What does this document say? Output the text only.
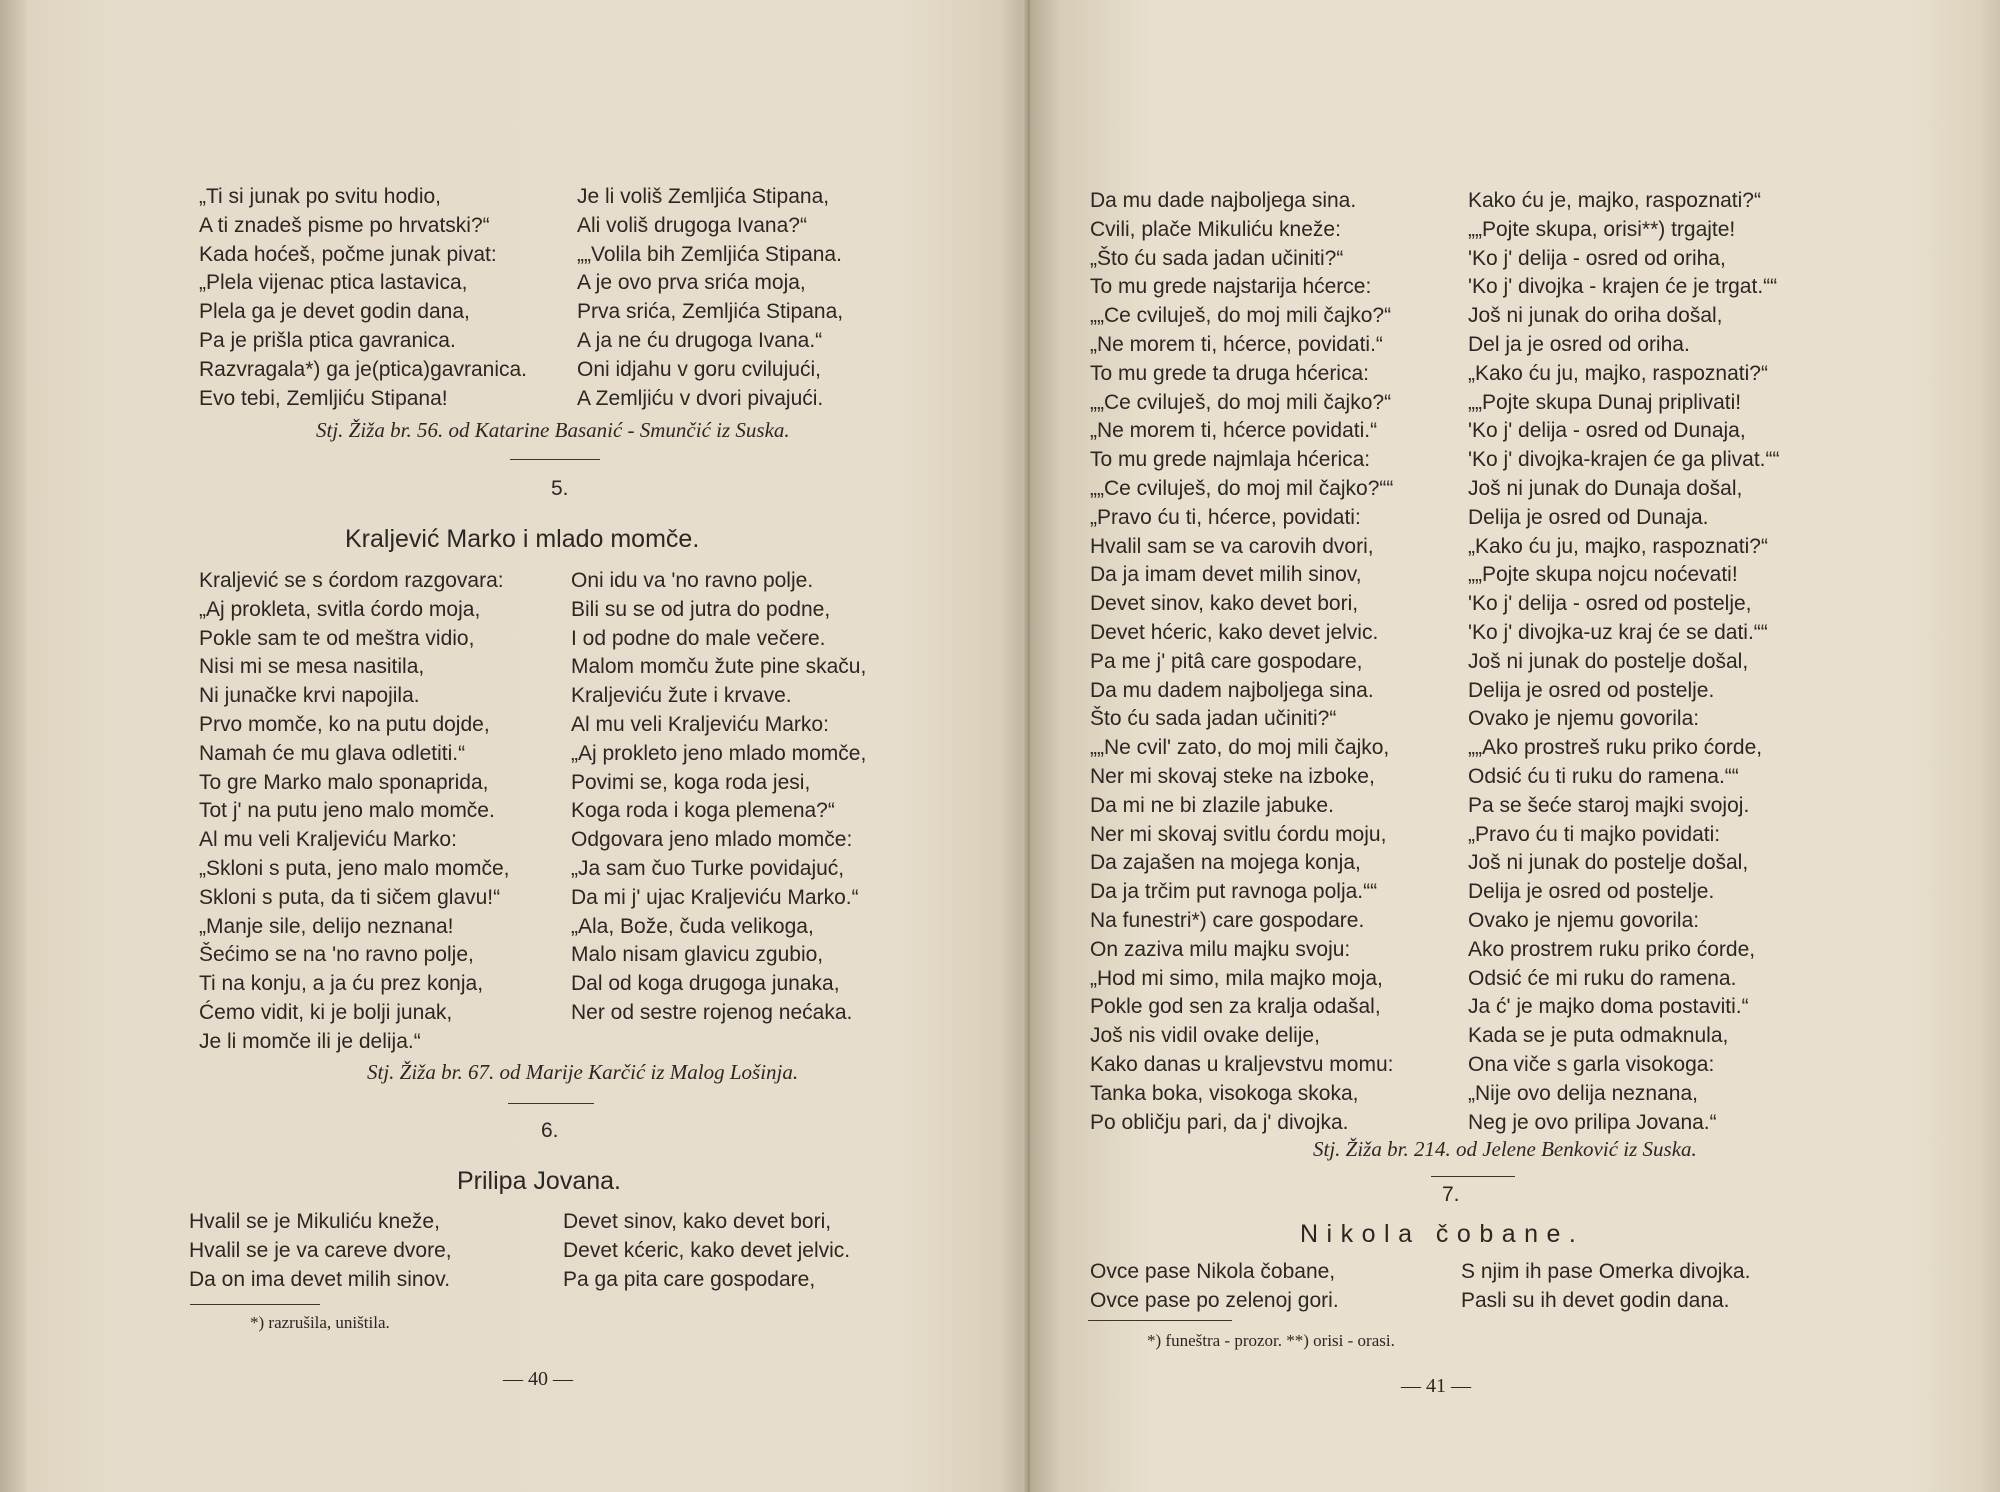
„Ti si junak po svitu hodio,
A ti znadeš pisme po hrvatski?“
Kada hoćeš, počme junak pivat:
„Plela vijenac ptica lastavica,
Plela ga je devet godin dana,
Pa je prišla ptica gavranica.
Razvragala*) ga je(ptica)gavranica.
Evo tebi, Zemljiću Stipana!
Je li voliš Zemljića Stipana,
Ali voliš drugoga Ivana?“
„„Volila bih Zemljića Stipana.
A je ovo prva srića moja,
Prva srića, Zemljića Stipana,
A ja ne ću drugoga Ivana.“
Oni idjahu v goru cvilujući,
A Zemljiću v dvori pivajući.
Stj. Žiža br. 56. od Katarine Basanić - Smunčić iz Suska.
5.
Kraljević Marko i mlado momče.
Kraljević se s ćordom razgovara:
„Aj prokleta, svitla ćordo moja,
Pokle sam te od meštra vidio,
Nisi mi se mesa nasitila,
Ni junačke krvi napojila.
Prvo momče, ko na putu dojde,
Namah će mu glava odletiti.“
To gre Marko malo sponaprida,
Tot j' na putu jeno malo momče.
Al mu veli Kraljeviću Marko:
„Skloni s puta, jeno malo momče,
Skloni s puta, da ti sičem glavu!“
„Manje sile, delijo neznana!
Šećimo se na 'no ravno polje,
Ti na konju, a ja ću prez konja,
Ćemo vidit, ki je bolji junak,
Je li momče ili je delija.“
Oni idu va 'no ravno polje.
Bili su se od jutra do podne,
I od podne do male večere.
Malom momču žute pine skaču,
Kraljeviću žute i krvave.
Al mu veli Kraljeviću Marko:
„Aj prokleto jeno mlado momče,
Povimi se, koga roda jesi,
Koga roda i koga plemena?“
Odgovara jeno mlado momče:
„Ja sam čuo Turke povidajuć,
Da mi j' ujac Kraljeviću Marko.“
„Ala, Bože, čuda velikoga,
Malo nisam glavicu zgubio,
Dal od koga drugoga junaka,
Ner od sestre rojenog nećaka.
Stj. Žiža br. 67. od Marije Karčić iz Malog Lošinja.
6.
Prilipa Jovana.
Hvalil se je Mikuliću kneže,
Hvalil se je va careve dvore,
Da on ima devet milih sinov.
Devet sinov, kako devet bori,
Devet kćeric, kako devet jelvic.
Pa ga pita care gospodare,
*) razrušila, uništila.
— 40 —
Da mu dade najboljega sina.
Cvili, plače Mikuliću kneže:
„Što ću sada jadan učiniti?“
To mu grede najstarija hćerce:
„„Ce cviluješ, do moj mili čajko?“
„Ne morem ti, hćerce, povidati.“
To mu grede ta druga hćerica:
„„Ce cviluješ, do moj mili čajko?“
„Ne morem ti, hćerce povidati.“
To mu grede najmlaja hćerica:
„„Ce cviluješ, do moj mil čajko?““
„Pravo ću ti, hćerce, povidati:
Hvalil sam se va carovih dvori,
Da ja imam devet milih sinov,
Devet sinov, kako devet bori,
Devet hćeric, kako devet jelvic.
Pa me j' pitâ care gospodare,
Da mu dadem najboljega sina.
Što ću sada jadan učiniti?“
„„Ne cvil' zato, do moj mili čajko,
Ner mi skovaj steke na izboke,
Da mi ne bi zlazile jabuke.
Ner mi skovaj svitlu ćordu moju,
Da zajašen na mojega konja,
Da ja trčim put ravnoga polja.““
Na funestri*) care gospodare.
On zaziva milu majku svoju:
„Hod mi simo, mila majko moja,
Pokle god sen za kralja odašal,
Još nis vidil ovake delije,
Kako danas u kraljevstvu momu:
Tanka boka, visokoga skoka,
Po obličju pari, da j' divojka.
Kako ću je, majko, raspoznati?“
„„Pojte skupa, orisi**) trgajte!
'Ko j' delija - osred od oriha,
'Ko j' divojka - krajen će je trgat.““
Još ni junak do oriha došal,
Del ja je osred od oriha.
„Kako ću ju, majko, raspoznati?“
„„Pojte skupa Dunaj priplivati!
'Ko j' delija - osred od Dunaja,
'Ko j' divojka-krajen će ga plivat.““
Još ni junak do Dunaja došal,
Delija je osred od Dunaja.
„Kako ću ju, majko, raspoznati?“
„„Pojte skupa nojcu noćevati!
'Ko j' delija - osred od postelje,
'Ko j' divojka-uz kraj će se dati.““
Još ni junak do postelje došal,
Delija je osred od postelje.
Ovako je njemu govorila:
„„Ako prostreš ruku priko ćorde,
Odsić ću ti ruku do ramena.““
Pa se šeće staroj majki svojoj.
„Pravo ću ti majko povidati:
Još ni junak do postelje došal,
Delija je osred od postelje.
Ovako je njemu govorila:
Ako prostrem ruku priko ćorde,
Odsić će mi ruku do ramena.
Ja ć' je majko doma postaviti.“
Kada se je puta odmaknula,
Ona viče s garla visokoga:
„Nije ovo delija neznana,
Neg je ovo prilipa Jovana.“
Stj. Žiža br. 214. od Jelene Benković iz Suska.
7.
Nikola čobane.
Ovce pase Nikola čobane,
Ovce pase po zelenoj gori.
S njim ih pase Omerka divojka.
Pasli su ih devet godin dana.
*) funeštra - prozor. **) orisi - orasi.
— 41 —
